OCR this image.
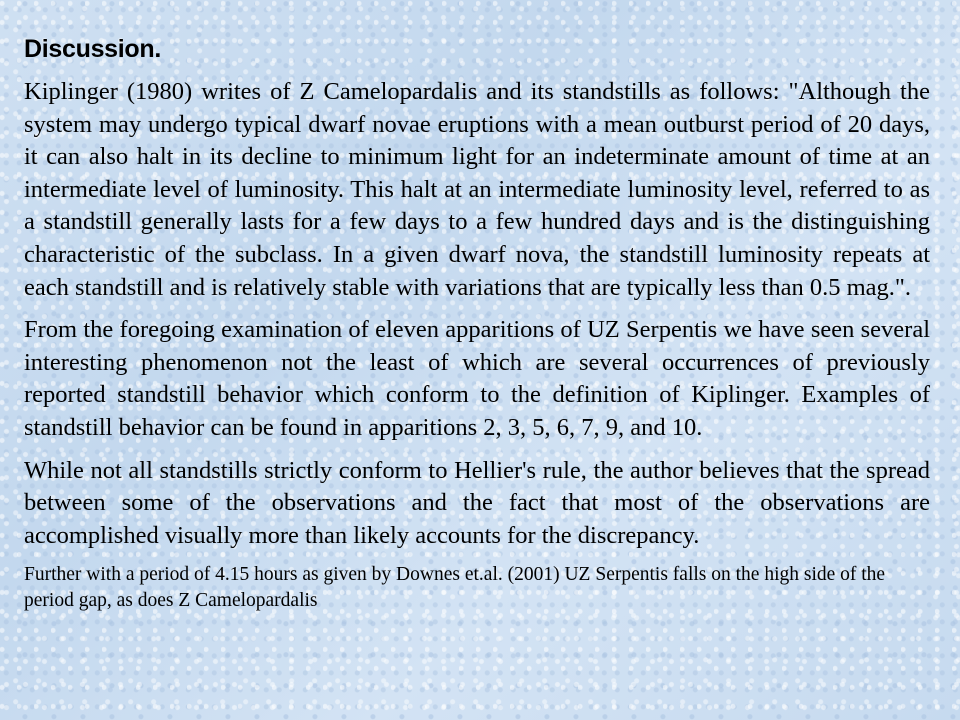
Discussion.

Kiplinger (1980) writes of Z Camelopardalis and its standstills as follows: "Although the system may undergo typical dwarf novae eruptions with a mean outburst period of 20 days, it can also halt in its decline to minimum light for an indeterminate amount of time at an intermediate level of luminosity. This halt at an intermediate luminosity level, referred to as a standstill generally lasts for a few days to a few hundred days and is the distinguishing characteristic of the subclass. In a given dwarf nova, the standstill luminosity repeats at each standstill and is relatively stable with variations that are typically less than 0.5 mag.".

From the foregoing examination of eleven apparitions of UZ Serpentis we have seen several interesting phenomenon not the least of which are several occurrences of previously reported standstill behavior which conform to the definition of Kiplinger. Examples of standstill behavior can be found in apparitions 2, 3, 5, 6, 7, 9, and 10.

While not all standstills strictly conform to Hellier's rule, the author believes that the spread between some of the observations and the fact that most of the observations are accomplished visually more than likely accounts for the discrepancy.

Further with a period of 4.15 hours as given by Downes et.al. (2001) UZ Serpentis falls on the high side of the period gap, as does Z Camelopardalis
